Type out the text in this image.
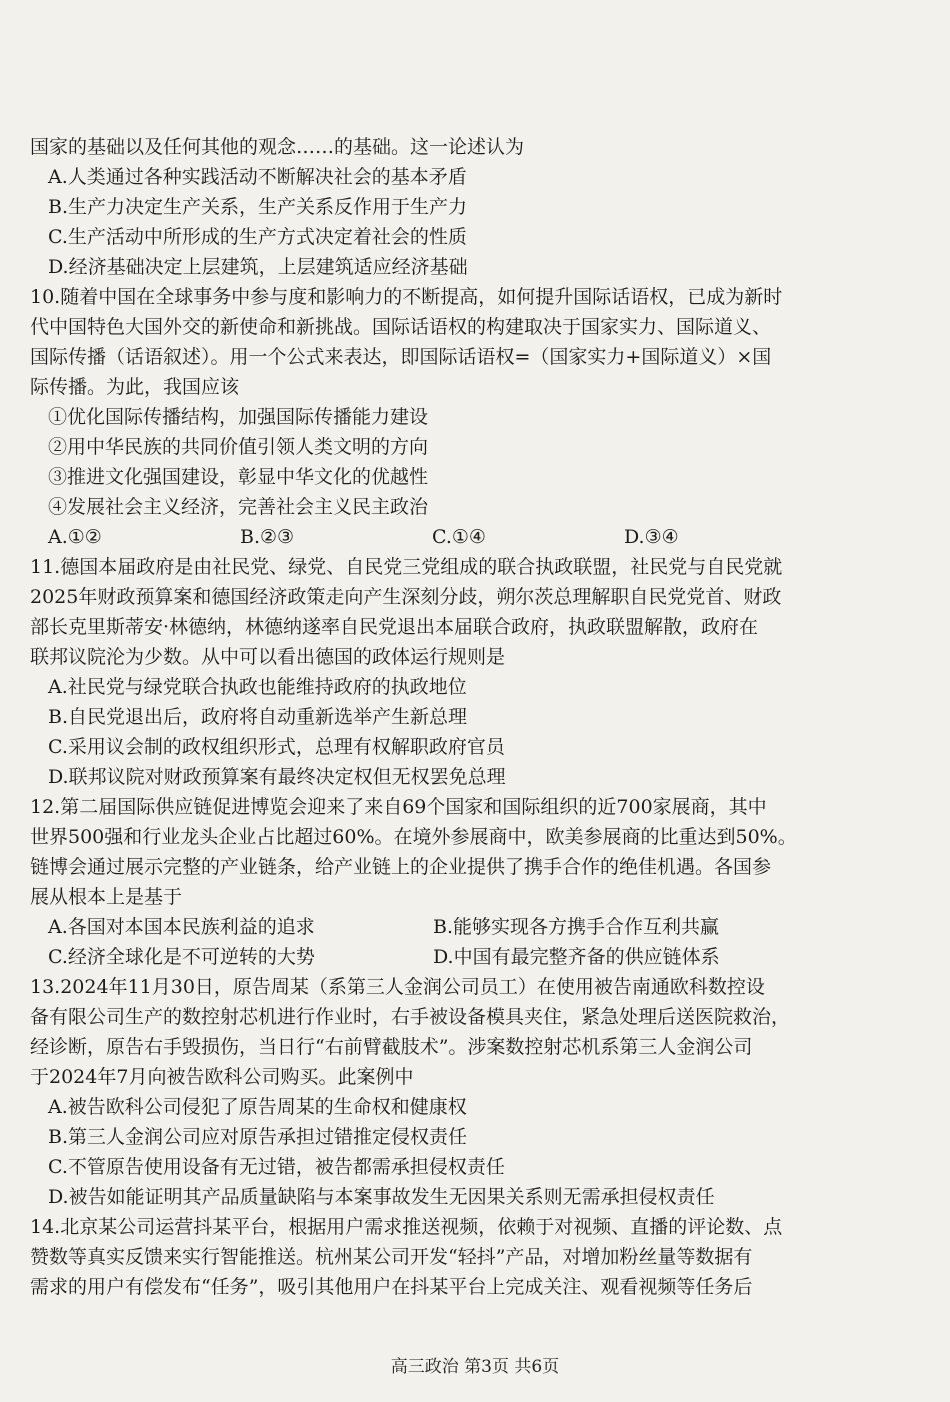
国家的基础以及任何其他的观念……的基础。这一论述认为
A.人类通过各种实践活动不断解决社会的基本矛盾
B.生产力决定生产关系，生产关系反作用于生产力
C.生产活动中所形成的生产方式决定着社会的性质
D.经济基础决定上层建筑，上层建筑适应经济基础
10.随着中国在全球事务中参与度和影响力的不断提高，如何提升国际话语权，已成为新时
代中国特色大国外交的新使命和新挑战。国际话语权的构建取决于国家实力、国际道义、
国际传播（话语叙述）。用一个公式来表达，即国际话语权=（国家实力+国际道义）×国
际传播。为此，我国应该
①优化国际传播结构，加强国际传播能力建设
②用中华民族的共同价值引领人类文明的方向
③推进文化强国建设，彰显中华文化的优越性
④发展社会主义经济，完善社会主义民主政治
A.①②	B.②③	C.①④	D.③④
11.德国本届政府是由社民党、绿党、自民党三党组成的联合执政联盟，社民党与自民党就
2025年财政预算案和德国经济政策走向产生深刻分歧，朔尔茨总理解职自民党党首、财政
部长克里斯蒂安·林德纳，林德纳遂率自民党退出本届联合政府，执政联盟解散，政府在
联邦议院沦为少数。从中可以看出德国的政体运行规则是
A.社民党与绿党联合执政也能维持政府的执政地位
B.自民党退出后，政府将自动重新选举产生新总理
C.采用议会制的政权组织形式，总理有权解职政府官员
D.联邦议院对财政预算案有最终决定权但无权罢免总理
12.第二届国际供应链促进博览会迎来了来自69个国家和国际组织的近700家展商，其中
世界500强和行业龙头企业占比超过60%。在境外参展商中，欧美参展商的比重达到50%。
链博会通过展示完整的产业链条，给产业链上的企业提供了携手合作的绝佳机遇。各国参
展从根本上是基于
A.各国对本国本民族利益的追求	B.能够实现各方携手合作互利共赢
C.经济全球化是不可逆转的大势	D.中国有最完整齐备的供应链体系
13.2024年11月30日，原告周某（系第三人金润公司员工）在使用被告南通欧科数控设
备有限公司生产的数控射芯机进行作业时，右手被设备模具夹住，紧急处理后送医院救治，
经诊断，原告右手毁损伤，当日行“右前臂截肢术”。涉案数控射芯机系第三人金润公司
于2024年7月向被告欧科公司购买。此案例中
A.被告欧科公司侵犯了原告周某的生命权和健康权
B.第三人金润公司应对原告承担过错推定侵权责任
C.不管原告使用设备有无过错，被告都需承担侵权责任
D.被告如能证明其产品质量缺陷与本案事故发生无因果关系则无需承担侵权责任
14.北京某公司运营抖某平台，根据用户需求推送视频，依赖于对视频、直播的评论数、点
赞数等真实反馈来实行智能推送。杭州某公司开发“轻抖”产品，对增加粉丝量等数据有
需求的用户有偿发布“任务”，吸引其他用户在抖某平台上完成关注、观看视频等任务后
高三政治 第3页 共6页
